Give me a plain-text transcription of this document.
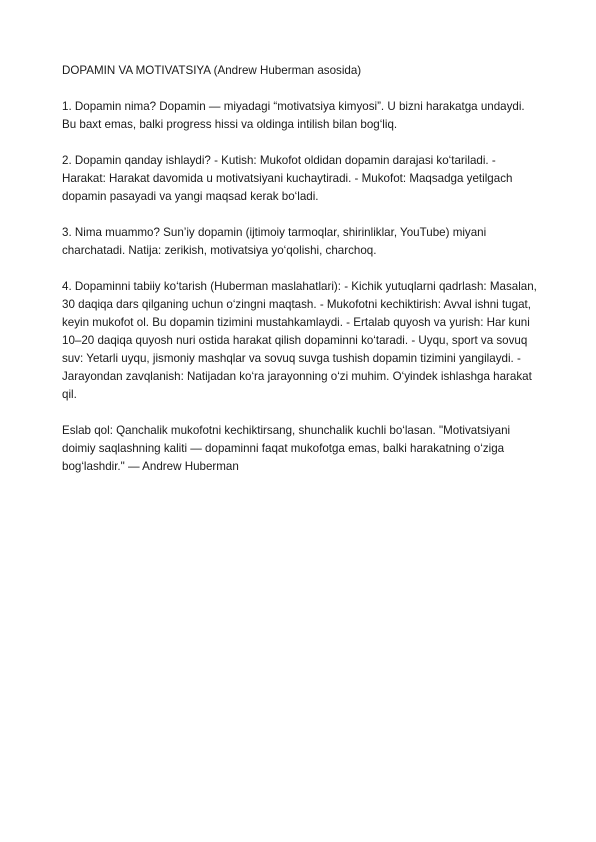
DOPAMIN VA MOTIVATSIYA (Andrew Huberman asosida)

1. Dopamin nima? Dopamin — miyadagi “motivatsiya kimyosi”. U bizni harakatga undaydi. Bu baxt emas, balki progress hissi va oldinga intilish bilan bog‘liq.

2. Dopamin qanday ishlaydi? - Kutish: Mukofot oldidan dopamin darajasi ko‘tariladi. - Harakat: Harakat davomida u motivatsiyani kuchaytiradi. - Mukofot: Maqsadga yetilgach dopamin pasayadi va yangi maqsad kerak bo‘ladi.

3. Nima muammo? Sun’iy dopamin (ijtimoiy tarmoqlar, shirinliklar, YouTube) miyani charchatadi. Natija: zerikish, motivatsiya yo‘qolishi, charchoq.

4. Dopaminni tabiiy ko‘tarish (Huberman maslahatlari): - Kichik yutuqlarni qadrlash: Masalan, 30 daqiqa dars qilganing uchun o‘zingni maqtash. - Mukofotni kechiktirish: Avval ishni tugat, keyin mukofot ol. Bu dopamin tizimini mustahkamlaydi. - Ertalab quyosh va yurish: Har kuni 10–20 daqiqa quyosh nuri ostida harakat qilish dopaminni ko‘taradi. - Uyqu, sport va sovuq suv: Yetarli uyqu, jismoniy mashqlar va sovuq suvga tushish dopamin tizimini yangilaydi. - Jarayondan zavqlanish: Natijadan ko‘ra jarayonning o‘zi muhim. O‘yindek ishlashga harakat qil.

Eslab qol: Qanchalik mukofotni kechiktirsang, shunchalik kuchli bo‘lasan. "Motivatsiyani doimiy saqlashning kaliti — dopaminni faqat mukofotga emas, balki harakatning o‘ziga bog‘lashdir." — Andrew Huberman
